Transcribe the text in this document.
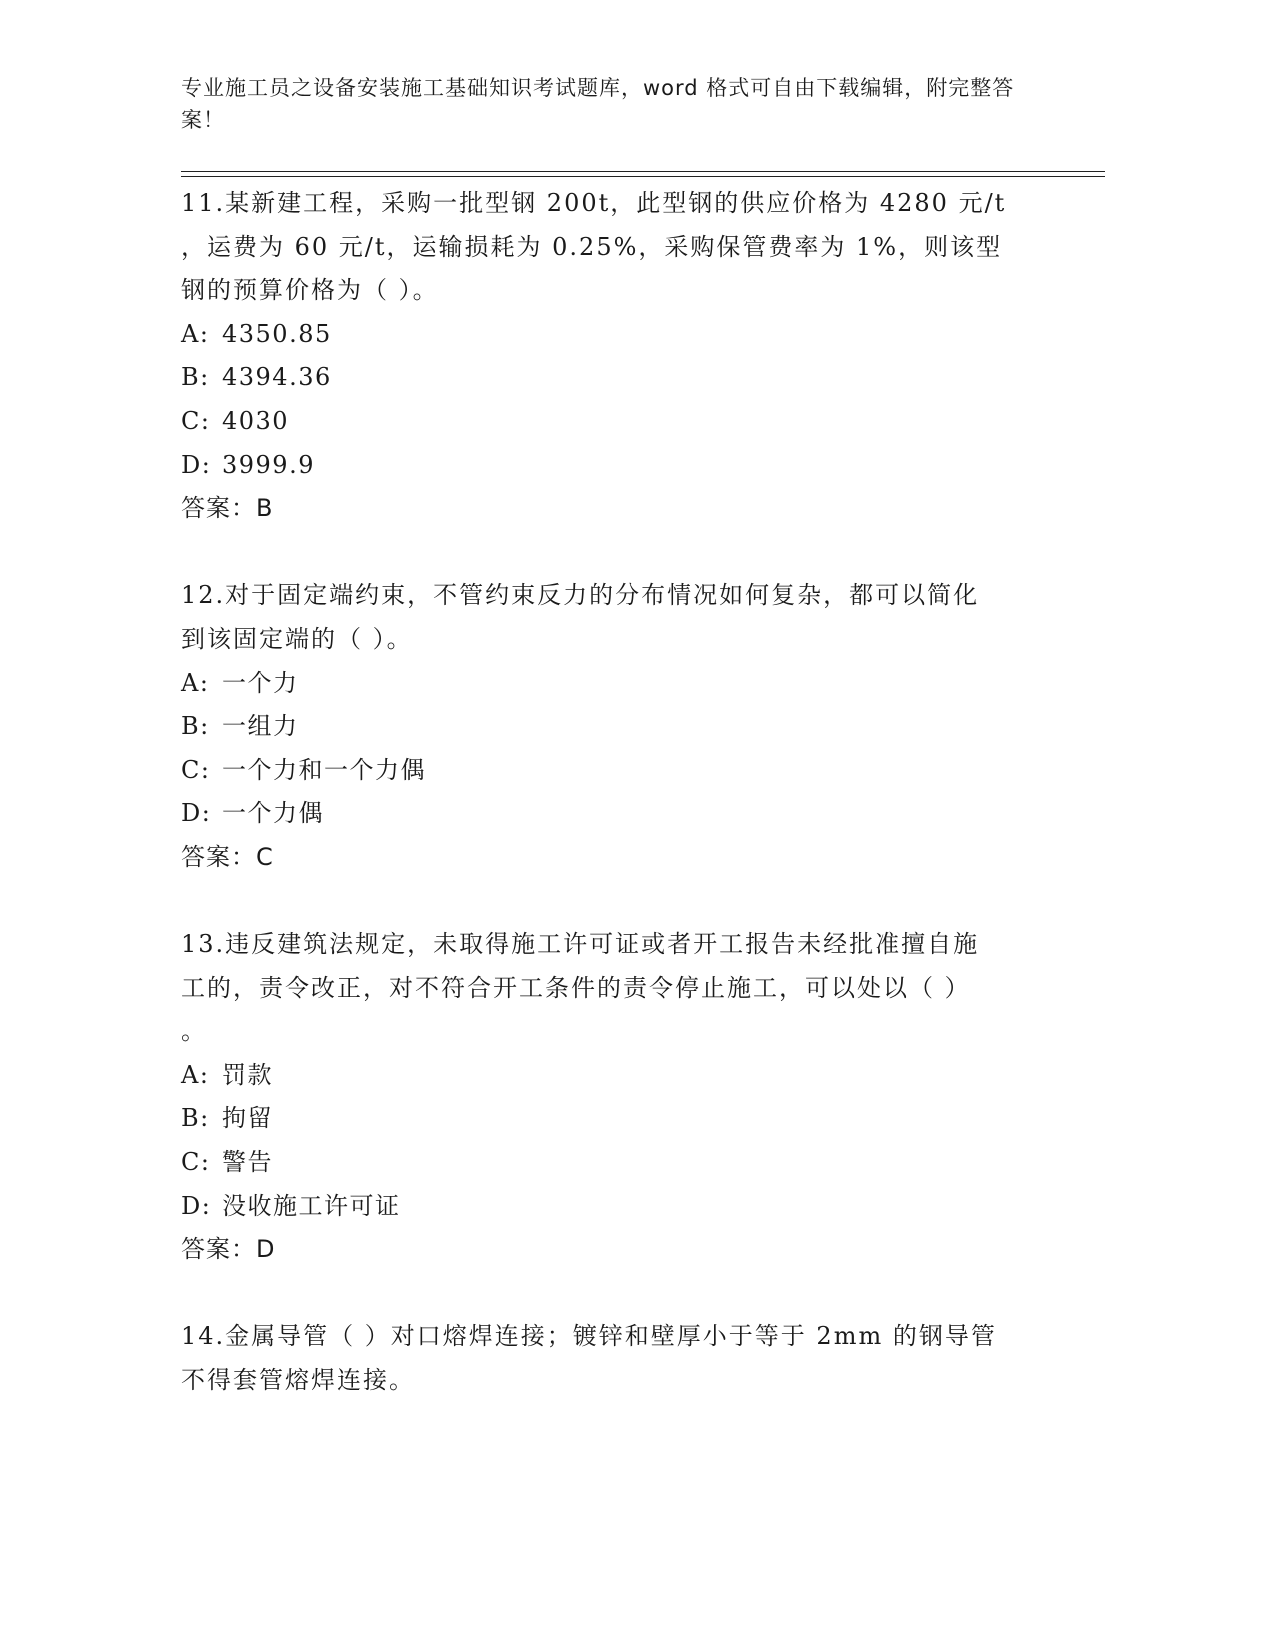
专业施工员之设备安装施工基础知识考试题库，word 格式可自由下载编辑，附完整答案！
11.某新建工程，采购一批型钢 200t，此型钢的供应价格为 4280 元/t
，运费为 60 元/t，运输损耗为 0.25%，采购保管费率为 1%，则该型
钢的预算价格为（ ）。
A: 4350.85
B: 4394.36
C: 4030
D: 3999.9
答案：B
12.对于固定端约束，不管约束反力的分布情况如何复杂，都可以简化
到该固定端的（ ）。
A: 一个力
B: 一组力
C: 一个力和一个力偶
D: 一个力偶
答案：C
13.违反建筑法规定，未取得施工许可证或者开工报告未经批准擅自施
工的，责令改正，对不符合开工条件的责令停止施工，可以处以（ ）
。
A: 罚款
B: 拘留
C: 警告
D: 没收施工许可证
答案：D
14.金属导管（ ）对口熔焊连接；镀锌和壁厚小于等于 2mm 的钢导管
不得套管熔焊连接。
